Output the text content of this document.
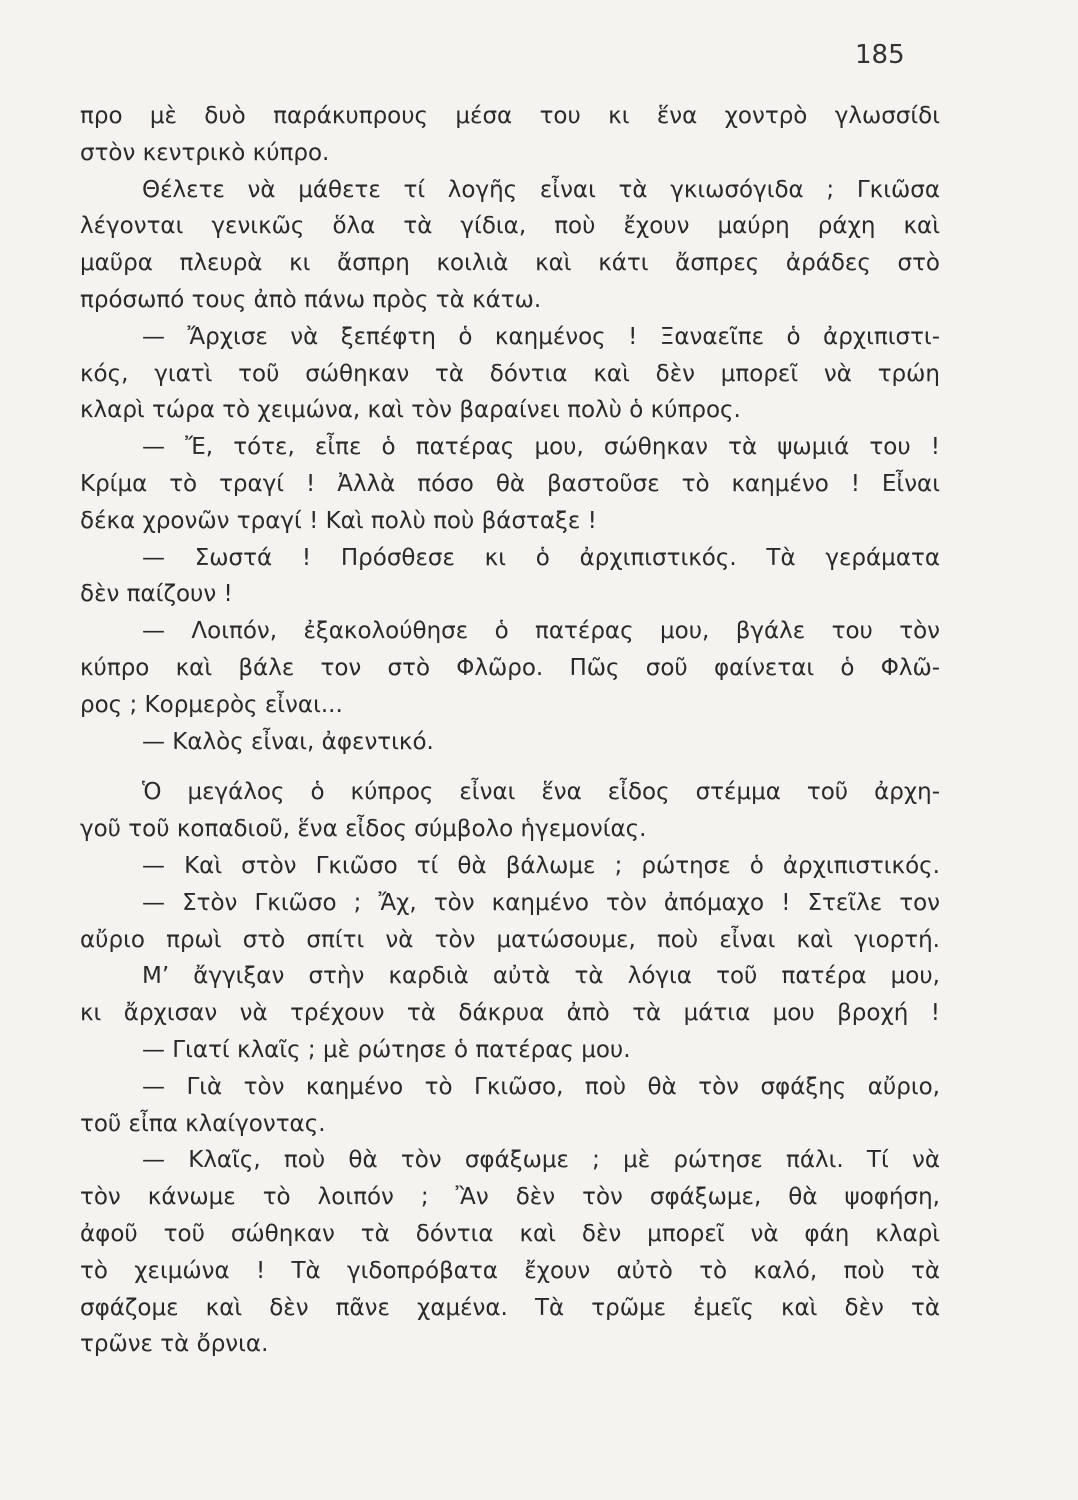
185
προ μὲ δυὸ παράκυπρους μέσα του κι ἕνα χοντρὸ γλωσσίδι
στὸν κεντρικὸ κύπρο.
Θέλετε νὰ μάθετε τί λογῆς εἶναι τὰ γκιωσόγιδα ; Γκιῶσα
λέγονται γενικῶς ὅλα τὰ γίδια, ποὺ ἔχουν μαύρη ράχη καὶ
μαῦρα πλευρὰ κι ἄσπρη κοιλιὰ καὶ κάτι ἄσπρες ἀράδες στὸ
πρόσωπό τους ἀπὸ πάνω πρὸς τὰ κάτω.
— Ἄρχισε νὰ ξεπέφτη ὁ καημένος ! Ξαναεῖπε ὁ ἀρχιπιστι-
κός, γιατὶ τοῦ σώθηκαν τὰ δόντια καὶ δὲν μπορεῖ νὰ τρώη
κλαρὶ τώρα τὸ χειμώνα, καὶ τὸν βαραίνει πολὺ ὁ κύπρος.
— Ἔ, τότε, εἶπε ὁ πατέρας μου, σώθηκαν τὰ ψωμιά του !
Κρίμα τὸ τραγί ! Ἀλλὰ πόσο θὰ βαστοῦσε τὸ καημένο ! Εἶναι
δέκα χρονῶν τραγί ! Καὶ πολὺ ποὺ βάσταξε !
— Σωστά ! Πρόσθεσε κι ὁ ἀρχιπιστικός. Τὰ γεράματα
δὲν παίζουν !
— Λοιπόν, ἐξακολούθησε ὁ πατέρας μου, βγάλε του τὸν
κύπρο καὶ βάλε τον στὸ Φλῶρο. Πῶς σοῦ φαίνεται ὁ Φλῶ-
ρος ; Κορμερὸς εἶναι...
— Καλὸς εἶναι, ἀφεντικό.
Ὁ μεγάλος ὁ κύπρος εἶναι ἕνα εἶδος στέμμα τοῦ ἀρχη-
γοῦ τοῦ κοπαδιοῦ, ἕνα εἶδος σύμβολο ἡγεμονίας.
— Καὶ στὸν Γκιῶσο τί θὰ βάλωμε ; ρώτησε ὁ ἀρχιπιστικός.
— Στὸν Γκιῶσο ; Ἄχ, τὸν καημένο τὸν ἀπόμαχο ! Στεῖλε τον
αὔριο πρωὶ στὸ σπίτι νὰ τὸν ματώσουμε, ποὺ εἶναι καὶ γιορτή.
Μ’ ἄγγιξαν στὴν καρδιὰ αὐτὰ τὰ λόγια τοῦ πατέρα μου,
κι ἄρχισαν νὰ τρέχουν τὰ δάκρυα ἀπὸ τὰ μάτια μου βροχή !
— Γιατί κλαῖς ; μὲ ρώτησε ὁ πατέρας μου.
— Γιὰ τὸν καημένο τὸ Γκιῶσο, ποὺ θὰ τὸν σφάξης αὔριο,
τοῦ εἶπα κλαίγοντας.
— Κλαῖς, ποὺ θὰ τὸν σφάξωμε ; μὲ ρώτησε πάλι. Τί νὰ
τὸν κάνωμε τὸ λοιπόν ; Ἂν δὲν τὸν σφάξωμε, θὰ ψοφήση,
ἀφοῦ τοῦ σώθηκαν τὰ δόντια καὶ δὲν μπορεῖ νὰ φάη κλαρὶ
τὸ χειμώνα ! Τὰ γιδοπρόβατα ἔχουν αὐτὸ τὸ καλό, ποὺ τὰ
σφάζομε καὶ δὲν πᾶνε χαμένα. Τὰ τρῶμε ἐμεῖς καὶ δὲν τὰ
τρῶνε τὰ ὄρνια.
